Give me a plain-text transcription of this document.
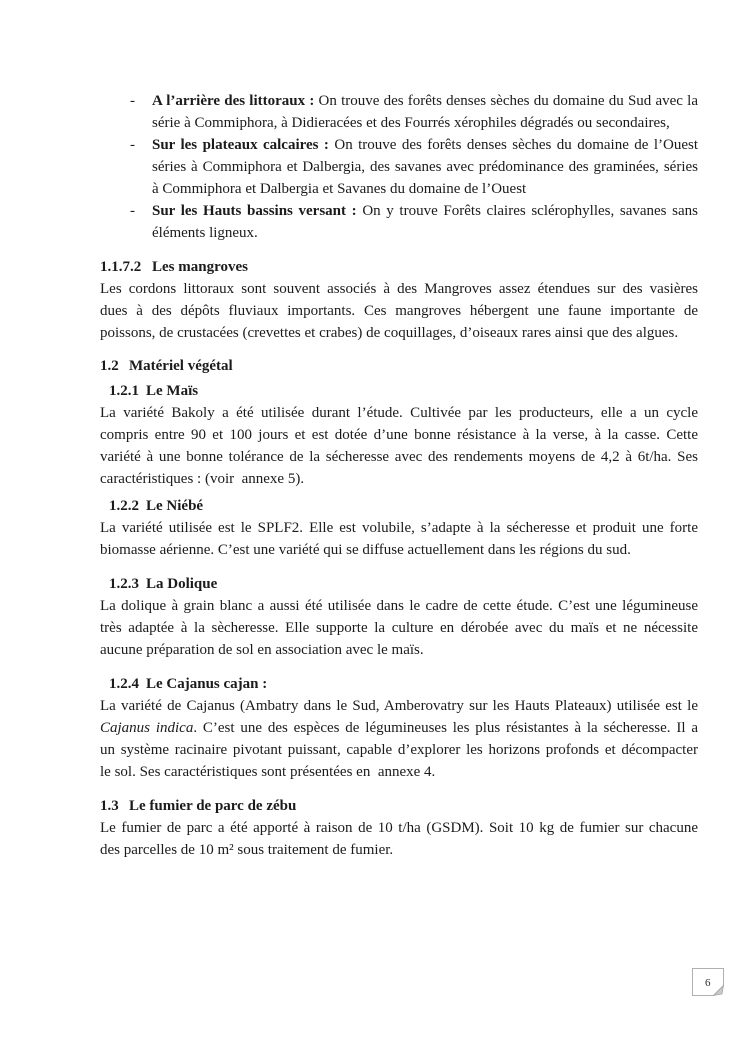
- A l’arrière des littoraux : On trouve des forêts denses sèches du domaine du Sud avec la
série à Commiphora, à Didieracées et des Fourrés xérophiles dégradés ou secondaires,
- Sur les plateaux calcaires : On trouve des forêts denses sèches du domaine de l’Ouest
séries à Commiphora et Dalbergia, des savanes avec prédominance des graminées, séries
à Commiphora et Dalbergia et Savanes du domaine de l’Ouest
- Sur les Hauts bassins versant : On y trouve Forêts claires sclérophylles, savanes sans
éléments ligneux.
1.1.7.2 Les mangroves
Les cordons littoraux sont souvent associés à des Mangroves assez étendues sur des vasières
dues à des dépôts fluviaux importants. Ces mangroves hébergent une faune importante de
poissons, de crustacées (crevettes et crabes) de coquillages, d’oiseaux rares ainsi que des algues.
1.2 Matériel végétal
1.2.1 Le Maïs
La variété Bakoly a été utilisée durant l’étude. Cultivée par les producteurs, elle a un cycle
compris entre 90 et 100 jours et est dotée d’une bonne résistance à la verse, à la casse. Cette
variété à une bonne tolérance de la sécheresse avec des rendements moyens de 4,2 à 6t/ha. Ses
caractéristiques : (voir  annexe 5).
1.2.2 Le Niébé
La variété utilisée est le SPLF2. Elle est volubile, s’adapte à la sécheresse et produit une forte
biomasse aérienne. C’est une variété qui se diffuse actuellement dans les régions du sud.
1.2.3 La Dolique
La dolique à grain blanc a aussi été utilisée dans le cadre de cette étude. C’est une légumineuse
très adaptée à la sècheresse. Elle supporte la culture en dérobée avec du maïs et ne nécessite
aucune préparation de sol en association avec le maïs.
1.2.4 Le Cajanus cajan :
La variété de Cajanus (Ambatry dans le Sud, Amberovatry sur les Hauts Plateaux) utilisée est le
Cajanus indica. C’est une des espèces de légumineuses les plus résistantes à la sécheresse. Il a
un système racinaire pivotant puissant, capable d’explorer les horizons profonds et décompacter
le sol. Ses caractéristiques sont présentées en  annexe 4.
1.3 Le fumier de parc de zébu
Le fumier de parc a été apporté à raison de 10 t/ha (GSDM). Soit 10 kg de fumier sur chacune
des parcelles de 10 m² sous traitement de fumier.
6
